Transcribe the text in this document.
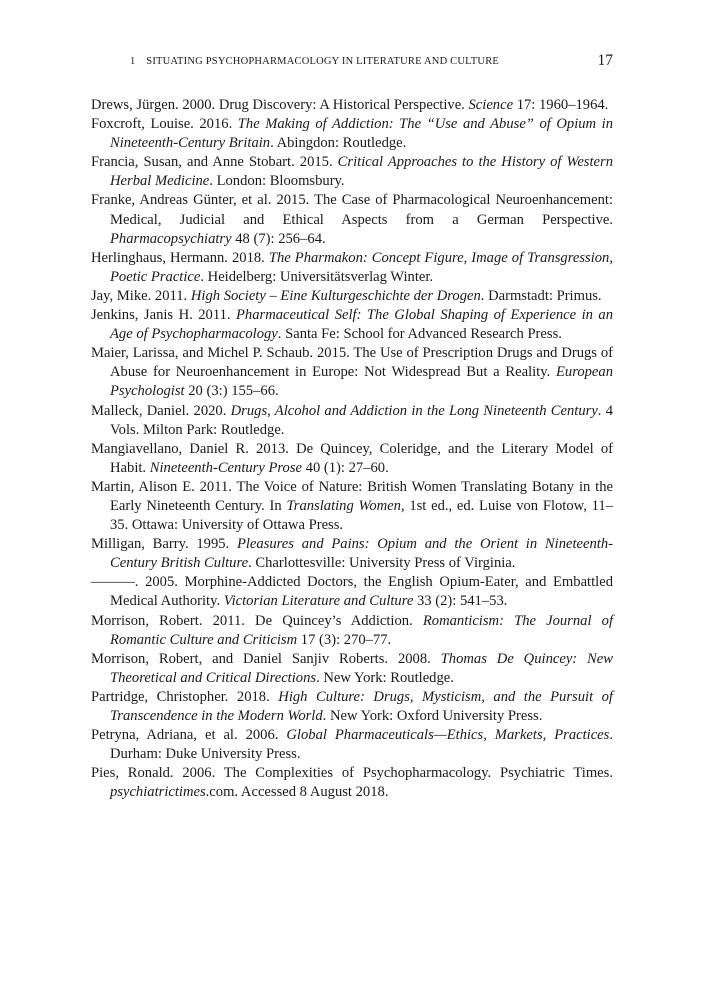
1 SITUATING PSYCHOPHARMACOLOGY IN LITERATURE AND CULTURE	17
Drews, Jürgen. 2000. Drug Discovery: A Historical Perspective. Science 17: 1960–1964.
Foxcroft, Louise. 2016. The Making of Addiction: The “Use and Abuse” of Opium in Nineteenth-Century Britain. Abingdon: Routledge.
Francia, Susan, and Anne Stobart. 2015. Critical Approaches to the History of Western Herbal Medicine. London: Bloomsbury.
Franke, Andreas Günter, et al. 2015. The Case of Pharmacological Neuroenhancement: Medical, Judicial and Ethical Aspects from a German Perspective. Pharmacopsychiatry 48 (7): 256–64.
Herlinghaus, Hermann. 2018. The Pharmakon: Concept Figure, Image of Transgression, Poetic Practice. Heidelberg: Universitätsverlag Winter.
Jay, Mike. 2011. High Society – Eine Kulturgeschichte der Drogen. Darmstadt: Primus.
Jenkins, Janis H. 2011. Pharmaceutical Self: The Global Shaping of Experience in an Age of Psychopharmacology. Santa Fe: School for Advanced Research Press.
Maier, Larissa, and Michel P. Schaub. 2015. The Use of Prescription Drugs and Drugs of Abuse for Neuroenhancement in Europe: Not Widespread But a Reality. European Psychologist 20 (3:) 155–66.
Malleck, Daniel. 2020. Drugs, Alcohol and Addiction in the Long Nineteenth Century. 4 Vols. Milton Park: Routledge.
Mangiavellano, Daniel R. 2013. De Quincey, Coleridge, and the Literary Model of Habit. Nineteenth-Century Prose 40 (1): 27–60.
Martin, Alison E. 2011. The Voice of Nature: British Women Translating Botany in the Early Nineteenth Century. In Translating Women, 1st ed., ed. Luise von Flotow, 11–35. Ottawa: University of Ottawa Press.
Milligan, Barry. 1995. Pleasures and Pains: Opium and the Orient in Nineteenth-Century British Culture. Charlottesville: University Press of Virginia.
———. 2005. Morphine-Addicted Doctors, the English Opium-Eater, and Embattled Medical Authority. Victorian Literature and Culture 33 (2): 541–53.
Morrison, Robert. 2011. De Quincey’s Addiction. Romanticism: The Journal of Romantic Culture and Criticism 17 (3): 270–77.
Morrison, Robert, and Daniel Sanjiv Roberts. 2008. Thomas De Quincey: New Theoretical and Critical Directions. New York: Routledge.
Partridge, Christopher. 2018. High Culture: Drugs, Mysticism, and the Pursuit of Transcendence in the Modern World. New York: Oxford University Press.
Petryna, Adriana, et al. 2006. Global Pharmaceuticals—Ethics, Markets, Practices. Durham: Duke University Press.
Pies, Ronald. 2006. The Complexities of Psychopharmacology. Psychiatric Times. psychiatrictimes.com. Accessed 8 August 2018.
